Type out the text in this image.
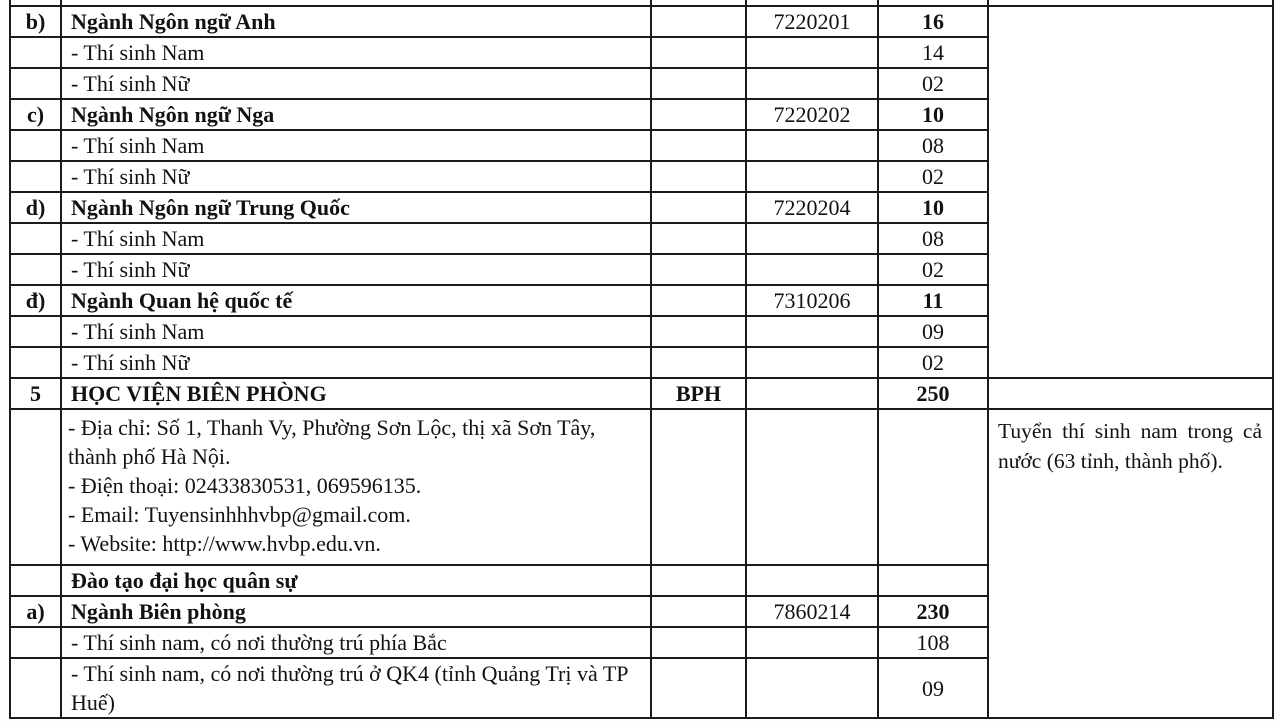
b)	Ngành Ngôn ngữ Anh		7220201	16	
	- Thí sinh Nam			14	
	- Thí sinh Nữ			02	
c)	Ngành Ngôn ngữ Nga		7220202	10	
	- Thí sinh Nam			08	
	- Thí sinh Nữ			02	
d)	Ngành Ngôn ngữ Trung Quốc		7220204	10	
	- Thí sinh Nam			08	
	- Thí sinh Nữ			02	
đ)	Ngành Quan hệ quốc tế		7310206	11	
	- Thí sinh Nam			09	
	- Thí sinh Nữ			02	
5	HỌC VIỆN BIÊN PHÒNG	BPH		250	

	- Địa chỉ: Số 1, Thanh Vy, Phường Sơn Lộc, thị xã Sơn Tây, thành phố Hà Nội.
- Điện thoại: 02433830531, 069596135.
- Email: Tuyensinhhhvbp@gmail.com.
- Website: http://www.hvbp.edu.vn.				Tuyển thí sinh nam trong cả nước (63 tỉnh, thành phố).
	Đào tạo đại học quân sự				
a)	Ngành Biên phòng		7860214	230	
	- Thí sinh nam, có nơi thường trú phía Bắc			108	
	- Thí sinh nam, có nơi thường trú ở QK4 (tỉnh Quảng Trị và TP Huế)			09	
